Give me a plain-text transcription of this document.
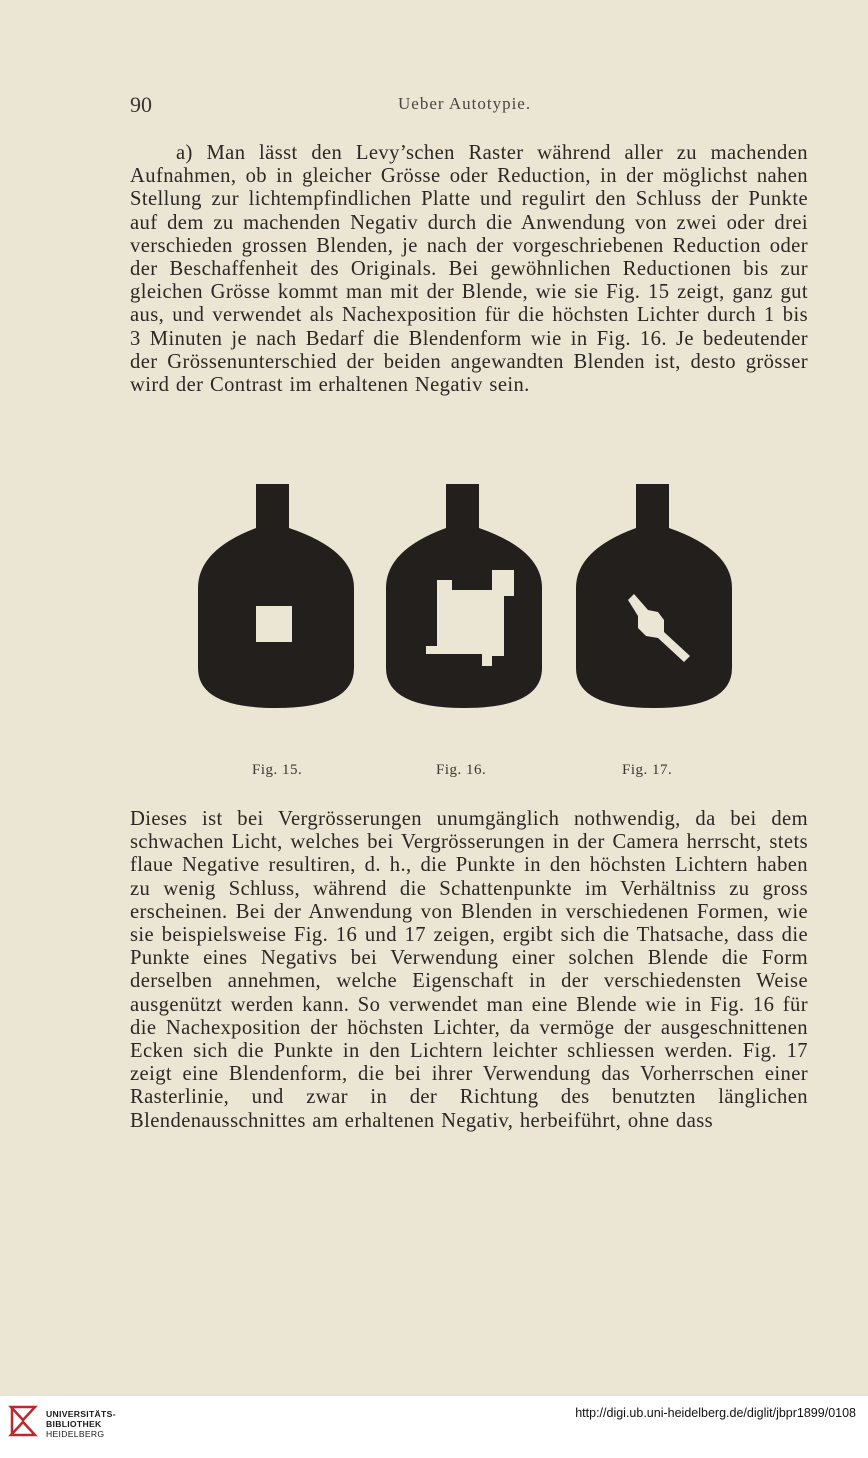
90	Ueber Autotypie.
a) Man lässt den Levy’schen Raster während aller zu machenden Aufnahmen, ob in gleicher Grösse oder Reduction, in der möglichst nahen Stellung zur lichtempfindlichen Platte und regulirt den Schluss der Punkte auf dem zu machenden Negativ durch die Anwendung von zwei oder drei verschieden grossen Blenden, je nach der vorgeschriebenen Reduction oder der Beschaffenheit des Originals. Bei gewöhnlichen Reductionen bis zur gleichen Grösse kommt man mit der Blende, wie sie Fig. 15 zeigt, ganz gut aus, und verwendet als Nachexposition für die höchsten Lichter durch 1 bis 3 Minuten je nach Bedarf die Blendenform wie in Fig. 16. Je bedeutender der Grössenunterschied der beiden angewandten Blenden ist, desto grösser wird der Contrast im erhaltenen Negativ sein.
Fig. 15.	Fig. 16.	Fig. 17.
Dieses ist bei Vergrösserungen unumgänglich nothwendig, da bei dem schwachen Licht, welches bei Vergrösserungen in der Camera herrscht, stets flaue Negative resultiren, d. h., die Punkte in den höchsten Lichtern haben zu wenig Schluss, während die Schattenpunkte im Verhältniss zu gross erscheinen. Bei der Anwendung von Blenden in verschiedenen Formen, wie sie beispielsweise Fig. 16 und 17 zeigen, ergibt sich die Thatsache, dass die Punkte eines Negativs bei Verwendung einer solchen Blende die Form derselben annehmen, welche Eigenschaft in der verschiedensten Weise ausgenützt werden kann. So verwendet man eine Blende wie in Fig. 16 für die Nachexposition der höchsten Lichter, da vermöge der ausgeschnittenen Ecken sich die Punkte in den Lichtern leichter schliessen werden. Fig. 17 zeigt eine Blendenform, die bei ihrer Verwendung das Vorherrschen einer Rasterlinie, und zwar in der Richtung des benutzten länglichen Blendenausschnittes am erhaltenen Negativ, herbeiführt, ohne dass
UNIVERSITÄTS-
BIBLIOTHEK
HEIDELBERG
http://digi.ub.uni-heidelberg.de/diglit/jbpr1899/0108
